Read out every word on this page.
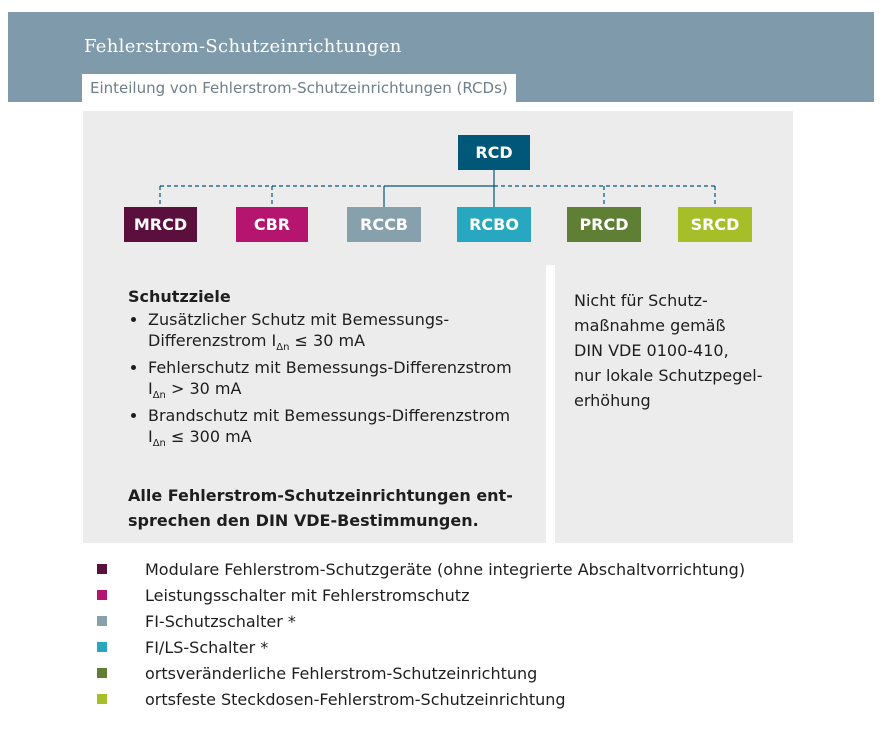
Fehlerstrom-Schutzeinrichtungen
Einteilung von Fehlerstrom-Schutzeinrichtungen (RCDs)
RCD
MRCD	CBR	RCCB	RCBO	PRCD	SRCD
Schutzziele
Zusätzlicher Schutz mit Bemessungs-
Differenzstrom $I_{\Delta n} \le 30$ mA
Fehlerschutz mit Bemessungs-Differenzstrom
$I_{\Delta n} > 30$ mA
Brandschutz mit Bemessungs-Differenzstrom
$I_{\Delta n} \le 300$ mA
Alle Fehlerstrom-Schutzeinrichtungen ent-
sprechen den DIN VDE-Bestimmungen.
Nicht für Schutz-
maßnahme gemäß
DIN VDE 0100-410,
nur lokale Schutzpegel-
erhöhung
Modulare Fehlerstrom-Schutzgeräte (ohne integrierte Abschaltvorrichtung)
Leistungsschalter mit Fehlerstromschutz
FI-Schutzschalter *
FI/LS-Schalter *
ortsveränderliche Fehlerstrom-Schutzeinrichtung
ortsfeste Steckdosen-Fehlerstrom-Schutzeinrichtung
